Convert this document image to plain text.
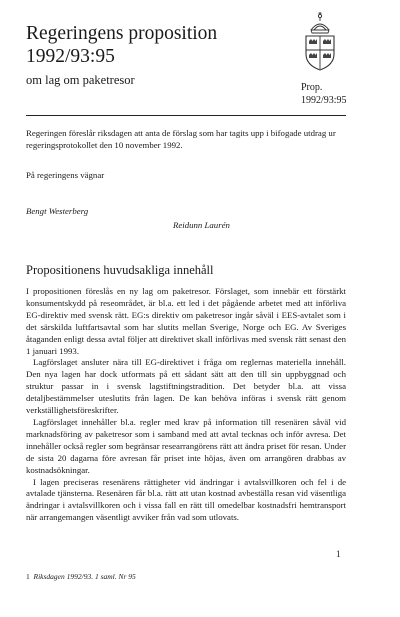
Regeringens proposition
1992/93:95
om lag om paketresor
Prop.
1992/93:95
Regeringen föreslår riksdagen att anta de förslag som har tagits upp i bifogade utdrag ur regeringsprotokollet den 10 november 1992.
På regeringens vägnar
Bengt Westerberg
Reidunn Laurén
Propositionens huvudsakliga innehåll

I propositionen föreslås en ny lag om paketresor. Förslaget, som innebär ett förstärkt konsumentskydd på reseområdet, är bl.a. ett led i det pågående arbetet med att införliva EG-direktiv med svensk rätt. EG:s direktiv om paketresor ingår såväl i EES-avtalet som i det särskilda luftfartsavtal som har slutits mellan Sverige, Norge och EG. Av Sveriges åtaganden enligt dessa avtal följer att direktivet skall införlivas med svensk rätt senast den 1 januari 1993.

Lagförslaget ansluter nära till EG-direktivet i fråga om reglernas materiella innehåll. Den nya lagen har dock utformats på ett sådant sätt att den till sin uppbyggnad och struktur passar in i svensk lagstiftningstradition. Det betyder bl.a. att vissa detaljbestämmelser uteslutits från lagen. De kan behöva införas i svensk rätt genom verkställighetsföreskrifter.

Lagförslaget innehåller bl.a. regler med krav på information till resenären såväl vid marknadsföring av paketresor som i samband med att avtal tecknas och inför avresa. Det innehåller också regler som begränsar researrangörens rätt att ändra priset för resan. Under de sista 20 dagarna före avresan får priset inte höjas, även om arrangören drabbas av kostnadsökningar.

I lagen preciseras resenärens rättigheter vid ändringar i avtalsvillkoren och fel i de avtalade tjänsterna. Resenären får bl.a. rätt att utan kostnad avbeställa resan vid väsentliga ändringar i avtalsvillkoren och i vissa fall en rätt till omedelbar kostnadsfri hemtransport när arrangemangen väsentligt avviker från vad som utlovats.

1
1 Riksdagen 1992/93. 1 saml. Nr 95
